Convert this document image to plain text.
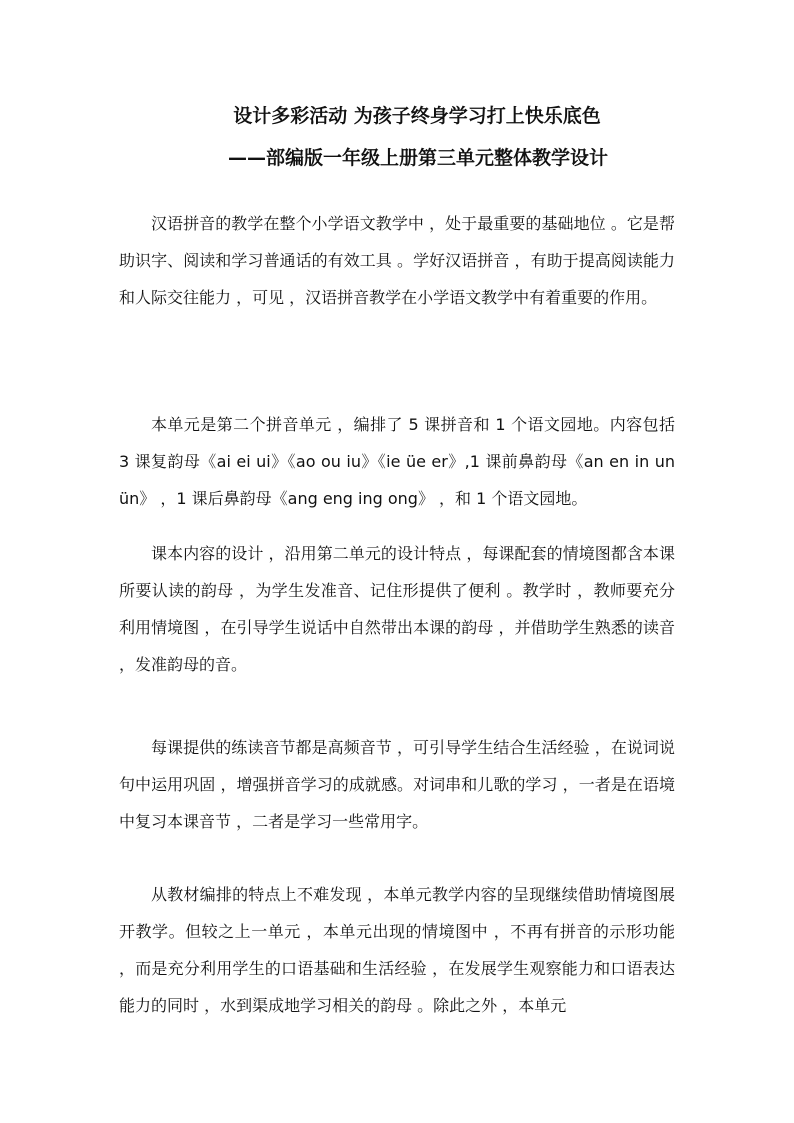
设计多彩活动 为孩子终身学习打上快乐底色
——部编版一年级上册第三单元整体教学设计

汉语拼音的教学在整个小学语文教学中 ，处于最重要的基础地位 。它是帮助识字、阅读和学习普通话的有效工具 。学好汉语拼音 ，有助于提高阅读能力和人际交往能力 ，可见 ，汉语拼音教学在小学语文教学中有着重要的作用。

本单元是第二个拼音单元 ，编排了 5 课拼音和 1 个语文园地。内容包括 3 课复韵母《ai ei ui》《ao ou iu》《ie üe er》,1 课前鼻韵母《an en in un ün》 ，1 课后鼻韵母《ang eng ing ong》 ，和 1 个语文园地。

课本内容的设计 ，沿用第二单元的设计特点 ，每课配套的情境图都含本课所要认读的韵母 ，为学生发准音、记住形提供了便利 。教学时 ，教师要充分利用情境图 ，在引导学生说话中自然带出本课的韵母 ，并借助学生熟悉的读音 ，发准韵母的音。

每课提供的练读音节都是高频音节 ，可引导学生结合生活经验 ，在说词说句中运用巩固 ，增强拼音学习的成就感。对词串和儿歌的学习 ，一者是在语境中复习本课音节 ，二者是学习一些常用字。

从教材编排的特点上不难发现 ，本单元教学内容的呈现继续借助情境图展开教学。但较之上一单元 ，本单元出现的情境图中 ，不再有拼音的示形功能 ，而是充分利用学生的口语基础和生活经验 ，在发展学生观察能力和口语表达能力的同时 ，水到渠成地学习相关的韵母 。除此之外 ，本单元
